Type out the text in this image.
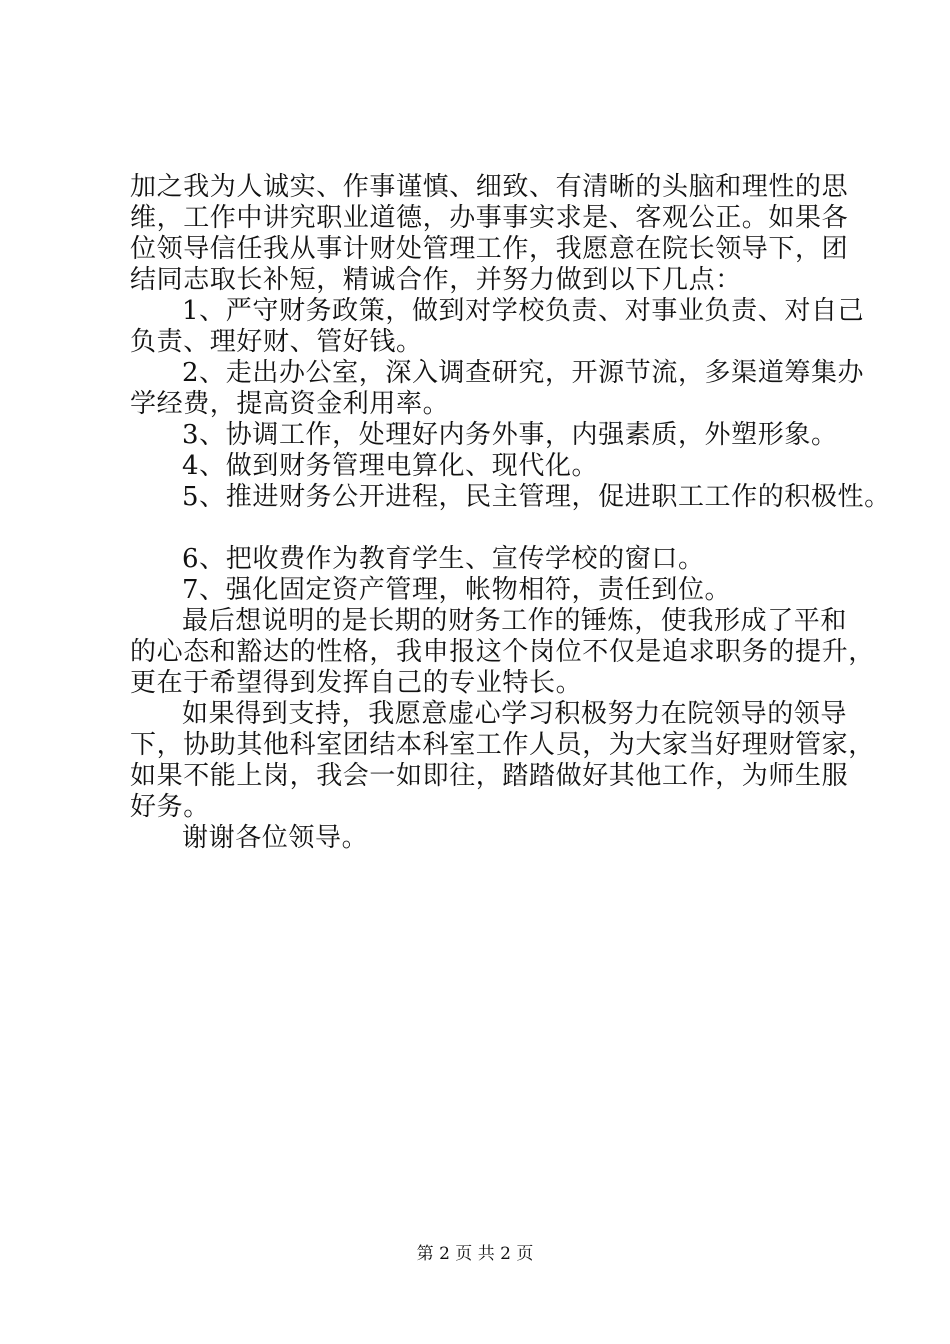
加之我为人诚实、作事谨慎、细致、有清晰的头脑和理性的思
维，工作中讲究职业道德，办事事实求是、客观公正。如果各
位领导信任我从事计财处管理工作，我愿意在院长领导下，团
结同志取长补短，精诚合作，并努力做到以下几点：
1、严守财务政策，做到对学校负责、对事业负责、对自己
负责、理好财、管好钱。
2、走出办公室，深入调查研究，开源节流，多渠道筹集办
学经费，提高资金利用率。
3、协调工作，处理好内务外事，内强素质，外塑形象。
4、做到财务管理电算化、现代化。
5、推进财务公开进程，民主管理，促进职工工作的积极性。
6、把收费作为教育学生、宣传学校的窗口。
7、强化固定资产管理，帐物相符，责任到位。
最后想说明的是长期的财务工作的锤炼，使我形成了平和
的心态和豁达的性格，我申报这个岗位不仅是追求职务的提升，
更在于希望得到发挥自己的专业特长。
如果得到支持，我愿意虚心学习积极努力在院领导的领导
下，协助其他科室团结本科室工作人员，为大家当好理财管家，
如果不能上岗，我会一如即往，踏踏做好其他工作，为师生服
好务。
谢谢各位领导。
第 2 页 共 2 页
